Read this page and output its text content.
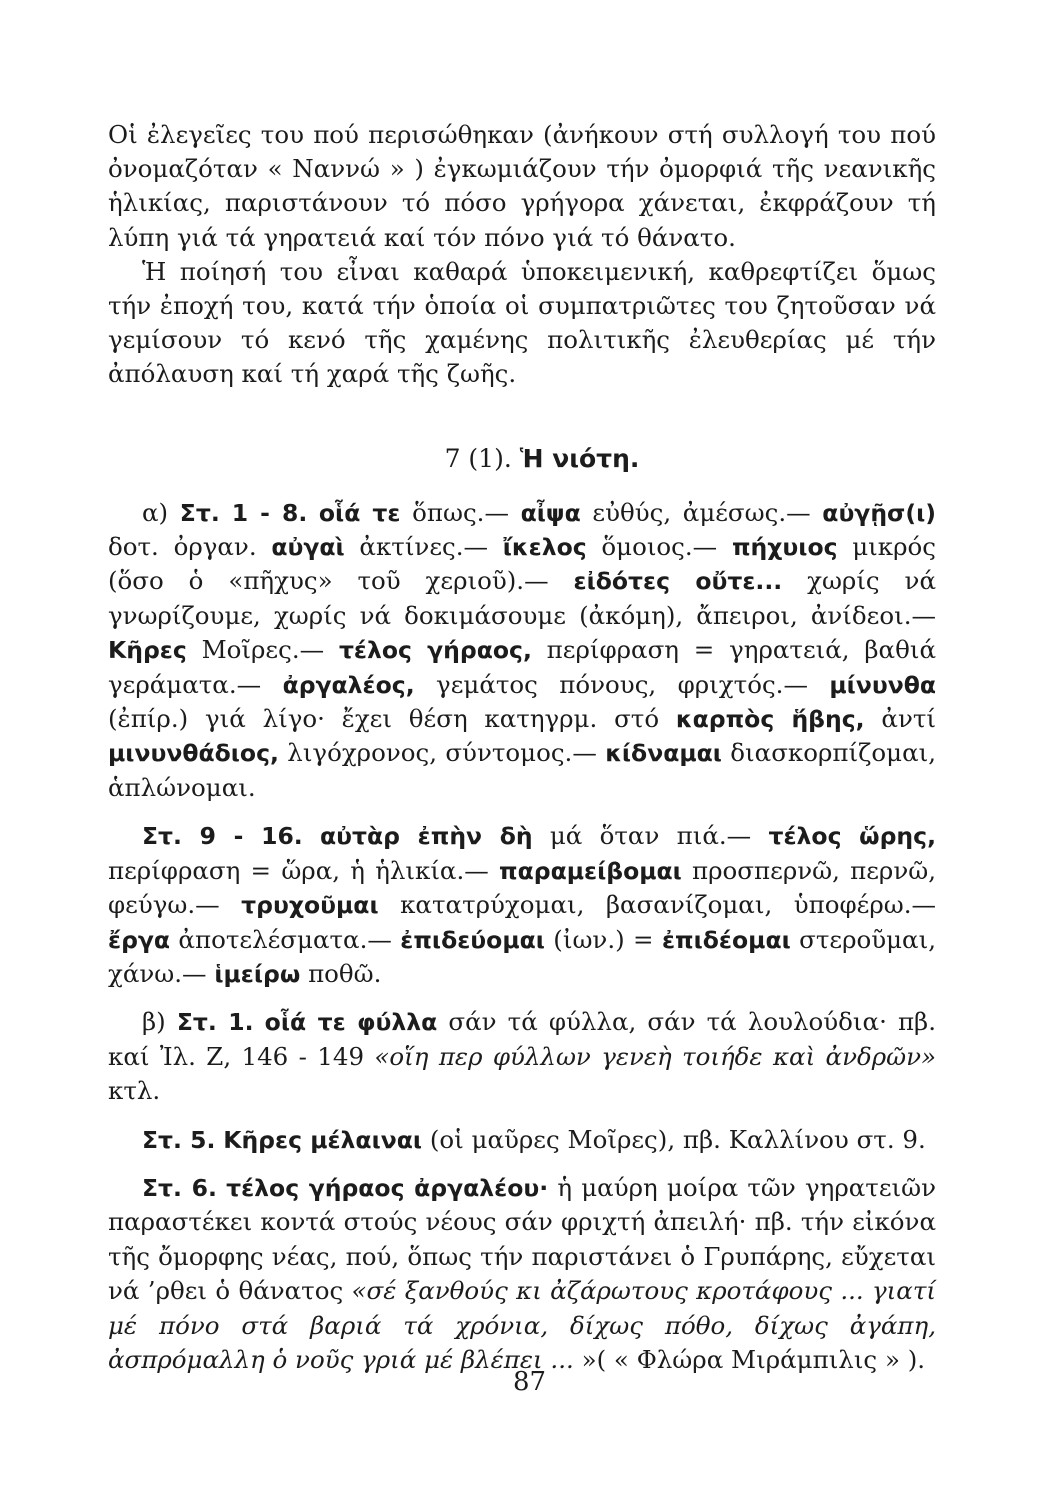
Οἱ ἐλεγεῖες του πού περισώθηκαν (ἀνήκουν στή συλλογή του πού ὀνομαζόταν « Ναννώ » ) ἐγκωμιάζουν τήν ὀμορφιά τῆς νεανικῆς ἡλικίας, παριστάνουν τό πόσο γρήγορα χάνεται, ἐκφράζουν τή λύπη γιά τά γηρατειά καί τόν πόνο γιά τό θάνατο.

Ἡ ποίησή του εἶναι καθαρά ὑποκειμενική, καθρεφτίζει ὅμως τήν ἐποχή του, κατά τήν ὁποία οἱ συμπατριῶτες του ζητοῦσαν νά γεμίσουν τό κενό τῆς χαμένης πολιτικῆς ἐλευθερίας μέ τήν ἀπόλαυση καί τή χαρά τῆς ζωῆς.

7 (1). Ἡ νιότη.

α) Στ. 1 - 8. οἷά τε ὅπως.— αἶψα εὐθύς, ἀμέσως.— αὐγῇσ(ι) δοτ. ὀργαν. αὐγαὶ ἀκτίνες.— ἴκελος ὅμοιος.— πήχυιος μικρός (ὅσο ὁ «πῆχυς» τοῦ χεριοῦ).— εἰδότες οὔτε... χωρίς νά γνωρίζουμε, χωρίς νά δοκιμάσουμε (ἀκόμη), ἄπειροι, ἀνίδεοι.— Κῆρες Μοῖρες.— τέλος γήραος, περίφραση = γηρατειά, βαθιά γεράματα.— ἀργαλέος, γεμάτος πόνους, φριχτός.— μίνυνθα (ἐπίρ.) γιά λίγο· ἔχει θέση κατηγρμ. στό καρπὸς ἥβης, ἀντί μινυνθάδιος, λιγόχρονος, σύντομος.— κίδναμαι διασκορπίζομαι, ἁπλώνομαι.

Στ. 9 - 16. αὐτὰρ ἐπὴν δὴ μά ὅταν πιά.— τέλος ὥρης, περίφραση = ὥρα, ἡ ἡλικία.— παραμείβομαι προσπερνῶ, περνῶ, φεύγω.— τρυχοῦμαι κατατρύχομαι, βασανίζομαι, ὑποφέρω.— ἔργα ἀποτελέσματα.— ἐπιδεύομαι (ἰων.) = ἐπιδέομαι στεροῦμαι, χάνω.— ἱμείρω ποθῶ.

β) Στ. 1. οἷά τε φύλλα σάν τά φύλλα, σάν τά λουλούδια· πβ. καί Ἰλ. Ζ, 146 - 149 «οἵη περ φύλλων γενεὴ τοιήδε καὶ ἀνδρῶν» κτλ.

Στ. 5. Κῆρες μέλαιναι (οἱ μαῦρες Μοῖρες), πβ. Καλλίνου στ. 9.

Στ. 6. τέλος γήραος ἀργαλέου· ἡ μαύρη μοίρα τῶν γηρατειῶν παραστέκει κοντά στούς νέους σάν φριχτή ἀπειλή· πβ. τήν εἰκόνα τῆς ὄμορφης νέας, πού, ὅπως τήν παριστάνει ὁ Γρυπάρης, εὔχεται νά ’ρθει ὁ θάνατος «σέ ξανθούς κι ἀζάρωτους κροτάφους ... γιατί μέ πόνο στά βαριά τά χρόνια, δίχως πόθο, δίχως ἀγάπη, ἀσπρόμαλλη ὁ νοῦς γριά μέ βλέπει ... »( « Φλώρα Μιράμπιλις » ).

87
